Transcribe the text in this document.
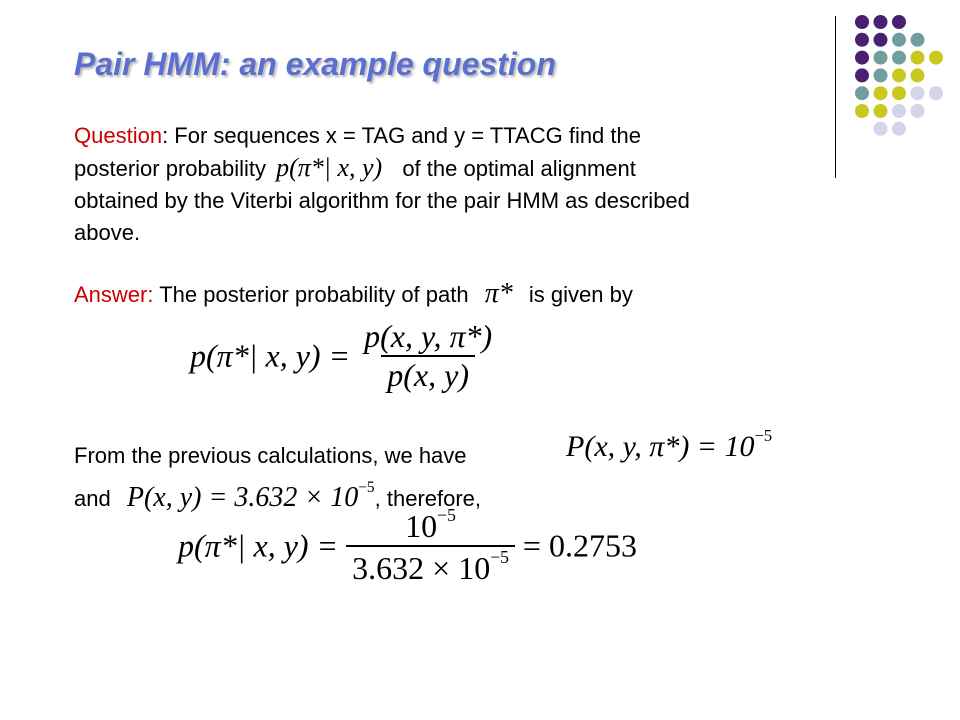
Pair HMM: an example question
Question: For sequences x = TAG and y = TTACG find the
posterior probability p(π*| x, y) of the optimal alignment
obtained by the Viterbi algorithm for the pair HMM as described
above.
Answer: The posterior probability of path π* is given by
p(π*| x, $y) = \frac{p(x, y, \pi*)}{p(x, y)}$
From the previous calculations, we have	P(x, y, $\pi*) = 10^{-5}$
and P(x, $y) = 3.632 \times 10^{-5}$, therefore,
p(π*| x, $y) = \frac{10^{-5}}{3.632 \times 10^{-5}} = 0.2753$
